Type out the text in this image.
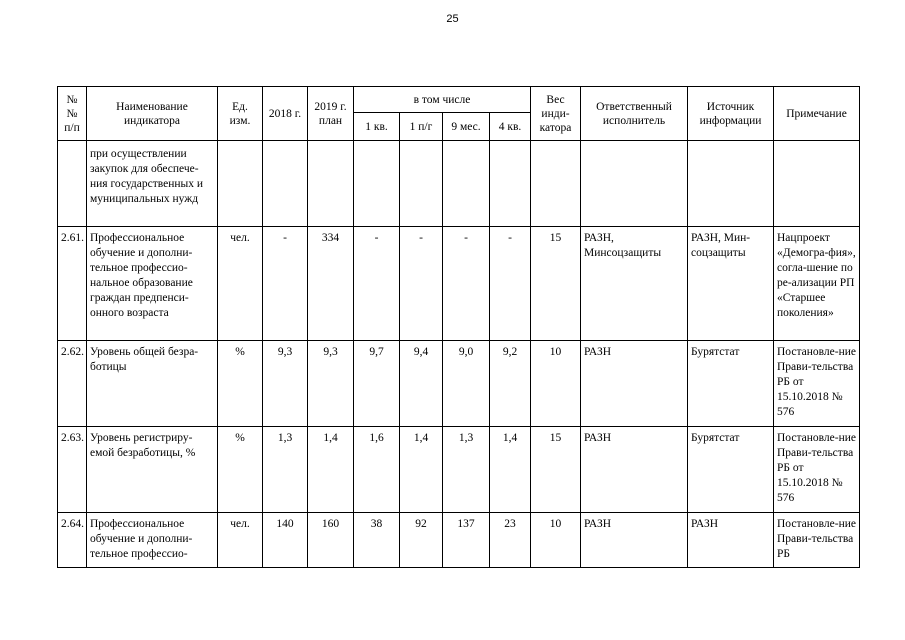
25
№ № п/п	Наименование индикатора	Ед. изм.	2018 г.	2019 г. план	в том числе				Вес инди-катора	Ответственный исполнитель	Источник информации	Примечание
					1 кв.	1 п/г	9 мес.	4 кв.				
	при осуществлении закупок для обеспече-ния государственных и муниципальных нужд											
2.61.	Профессиональное обучение и дополни-тельное профессио-нальное образование граждан предпенси-онного возраста	чел.	-	334	-	-	-	-	15	РАЗН, Минсоцзащиты	РАЗН, Мин-соцзащиты	Нацпроект «Демогра-фия», согла-шение по ре-ализации РП «Старшее поколения»
2.62.	Уровень общей безра-ботицы	%	9,3	9,3	9,7	9,4	9,0	9,2	10	РАЗН	Бурятстат	Постановле-ние Прави-тельства РБ от 15.10.2018 № 576
2.63.	Уровень регистриру-емой безработицы, %	%	1,3	1,4	1,6	1,4	1,3	1,4	15	РАЗН	Бурятстат	Постановле-ние Прави-тельства РБ от 15.10.2018 № 576
2.64.	Профессиональное обучение и дополни-тельное профессио-	чел.	140	160	38	92	137	23	10	РАЗН	РАЗН	Постановле-ние Прави-тельства РБ
